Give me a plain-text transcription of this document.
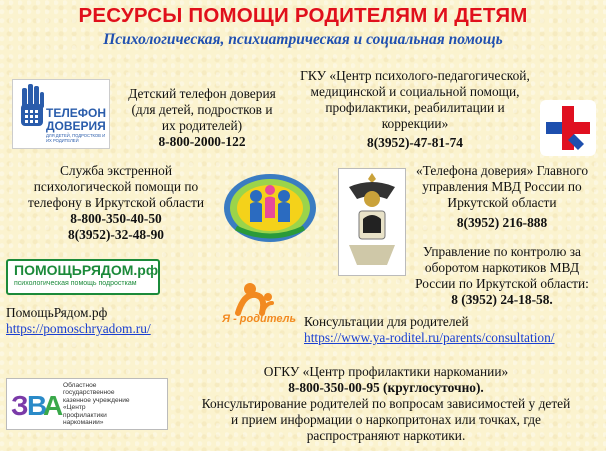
РЕСУРСЫ ПОМОЩИ РОДИТЕЛЯМ И ДЕТЯМ
Психологическая, психиатрическая и социальная помощь
ТЕЛЕФОН
ДОВЕРИЯ
ДЛЯ ДЕТЕЙ, ПОДРОСТКОВ И ИХ РОДИТЕЛЕЙ
Детский телефон доверия
(для детей, подростков и
их родителей)
8-800-2000-122
ГКУ «Центр психолого-педагогической,
медицинской и социальной помощи,
профилактики, реабилитации и
коррекции»
8(3952)-47-81-74
Служба экстренной
психологической помощи по
телефону в Иркутской области
8-800-350-40-50
8(3952)-32-48-90
«Телефона доверия» Главного
управления МВД России по
Иркутской области
8(3952) 216-888
Управление по контролю за
оборотом наркотиков МВД
России по Иркутской области:
8 (3952) 24-18-58.
ПОМОЩЬРЯДОМ.рф
психологическая помощь подросткам
ПомощьРядом.рф
https://pomoschryadom.ru/
Я - родитель Консультации для родителей
https://www.ya-roditel.ru/parents/consultation/
З
В
А
Областное
государственное
казенное учреждение
«Центр
профилактики
наркомании»
ОГКУ «Центр профилактики наркомании»
8-800-350-00-95 (круглосуточно).
Консультирование родителей по вопросам зависимостей у детей
и прием информации о наркопритонах или точках, где
распространяют наркотики.
